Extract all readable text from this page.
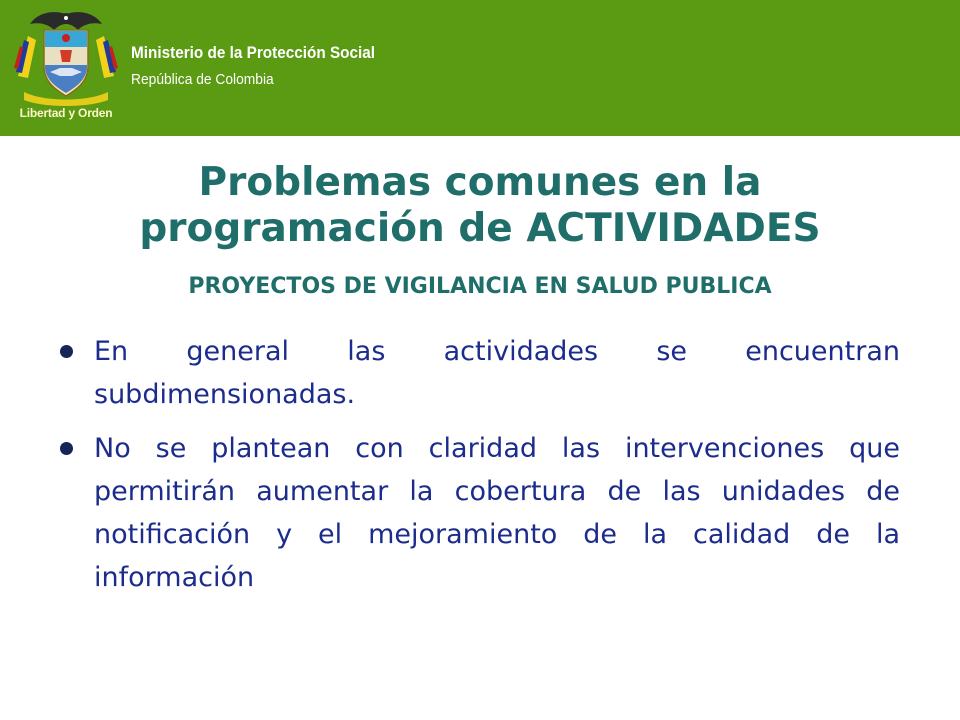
Libertad y Orden
Ministerio de la Protección Social
República de Colombia
Problemas comunes en la
programación de ACTIVIDADES
PROYECTOS DE VIGILANCIA EN SALUD PUBLICA
En general las actividades se encuentran subdimensionadas.
No se plantean con claridad las intervenciones que permitirán aumentar la cobertura de las unidades de notificación y el mejoramiento de la calidad de la información
